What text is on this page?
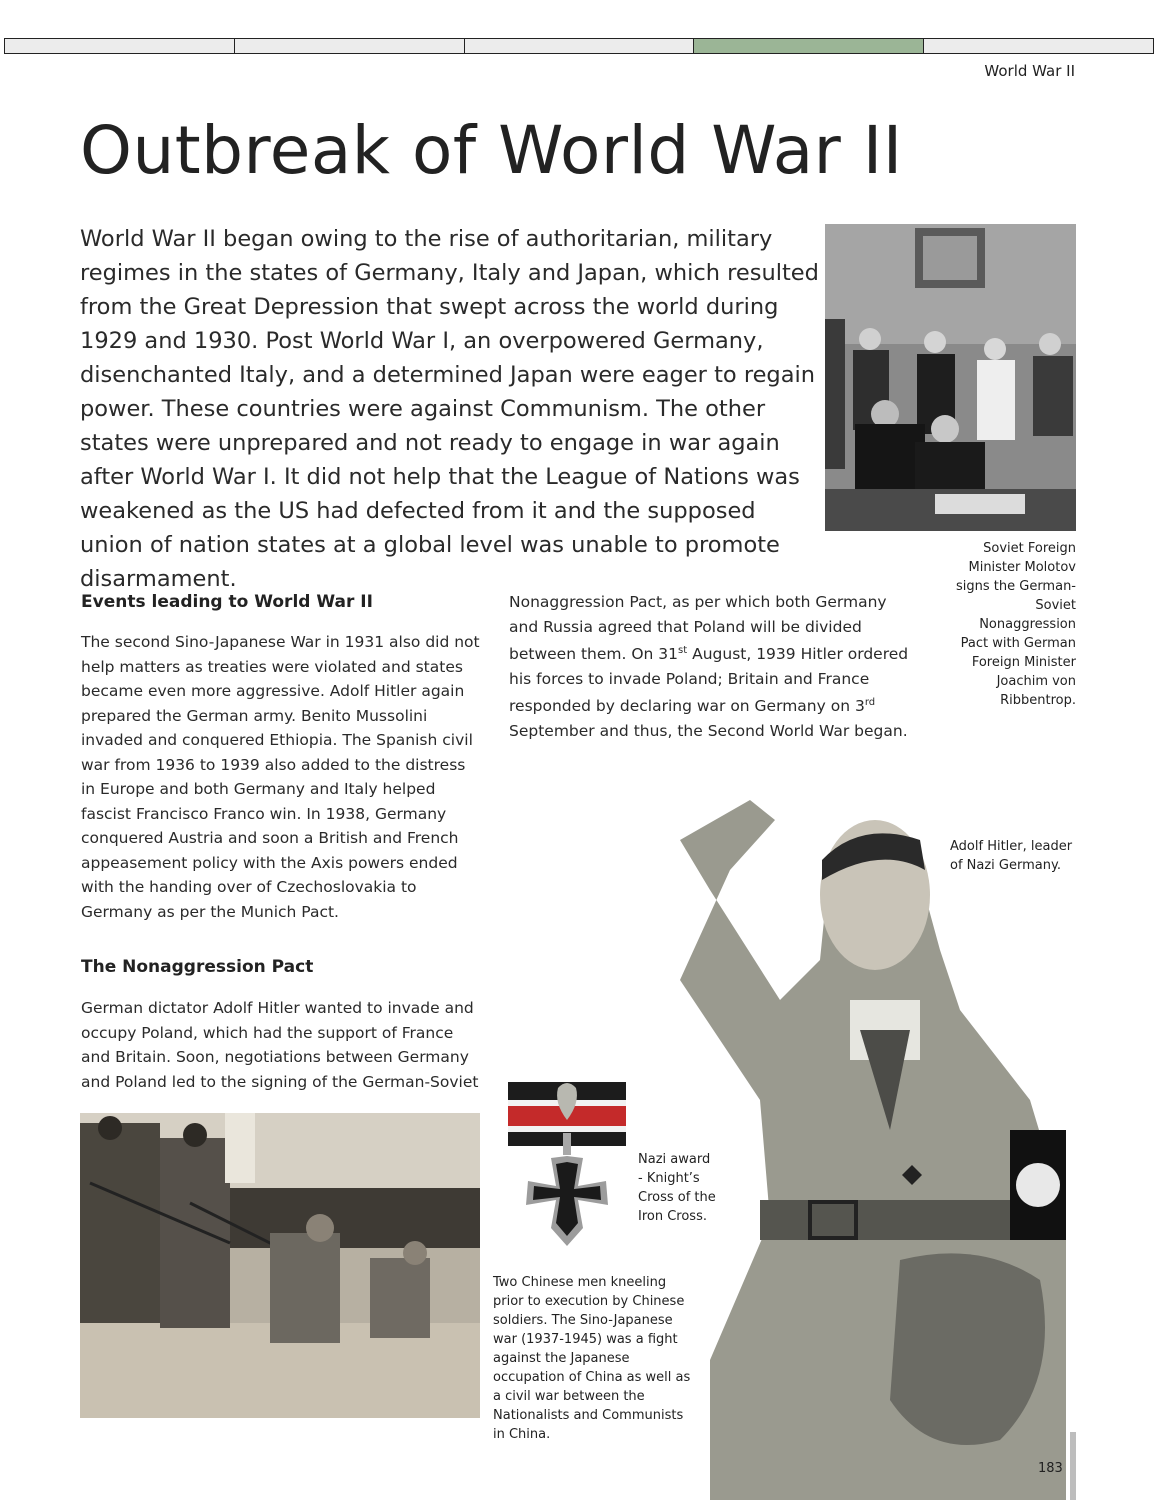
World War II
Outbreak of World War II
World War II began owing to the rise of authoritarian, military regimes in the states of Germany, Italy and Japan, which resulted from the Great Depression that swept across the world during 1929 and 1930. Post World War I, an overpowered Germany, disenchanted Italy, and a determined Japan were eager to regain power. These countries were against Communism. The other states were unprepared and not ready to engage in war again after World War I. It did not help that the League of Nations was weakened as the US had defected from it and the supposed union of nation states at a global level was unable to promote disarmament.
Soviet Foreign Minister Molotov signs the German-Soviet Nonaggression Pact with German Foreign Minister Joachim von Ribbentrop.
Events leading to World War II
The second Sino-Japanese War in 1931 also did not help matters as treaties were violated and states became even more aggressive. Adolf Hitler again prepared the German army. Benito Mussolini invaded and conquered Ethiopia. The Spanish civil war from 1936 to 1939 also added to the distress in Europe and both Germany and Italy helped fascist Francisco Franco win. In 1938, Germany conquered Austria and soon a British and French appeasement policy with the Axis powers ended with the handing over of Czechoslovakia to Germany as per the Munich Pact.
The Nonaggression Pact
German dictator Adolf Hitler wanted to invade and occupy Poland, which had the support of France and Britain. Soon, negotiations between Germany and Poland led to the signing of the German-Soviet
Nonaggression Pact, as per which both Germany and Russia agreed that Poland will be divided between them. On 31st August, 1939 Hitler ordered his forces to invade Poland; Britain and France responded by declaring war on Germany on 3rd September and thus, the Second World War began.
Adolf Hitler, leader of Nazi Germany.
Nazi award - Knight’s Cross of the Iron Cross.
Two Chinese men kneeling prior to execution by Chinese soldiers. The Sino-Japanese war (1937-1945) was a fight against the Japanese occupation of China as well as a civil war between the Nationalists and Communists in China.
183
